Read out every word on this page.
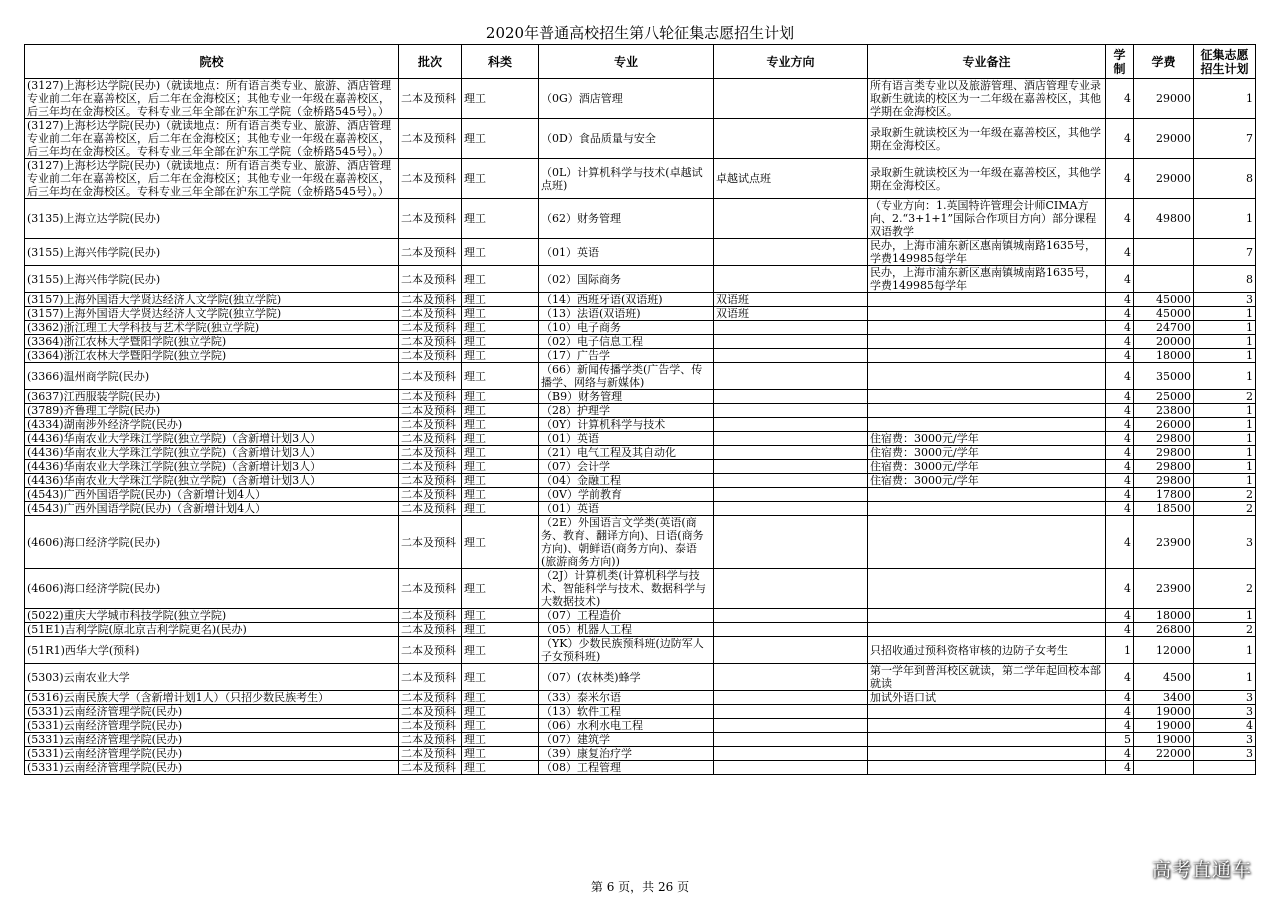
2020年普通高校招生第八轮征集志愿招生计划
院校	批次	科类	专业	专业方向	专业备注	学制	学费	征集志愿招生计划
(3127)上海杉达学院(民办)（就读地点：所有语言类专业、旅游、酒店管理专业前二年在嘉善校区，后二年在金海校区；其他专业一年级在嘉善校区，后三年均在金海校区。专科专业三年全部在沪东工学院（金桥路545号）。）	二本及预科	理工	（0G）酒店管理		所有语言类专业以及旅游管理、酒店管理专业录取新生就读的校区为一二年级在嘉善校区，其他学期在金海校区。	4	29000	1
(3127)上海杉达学院(民办)（就读地点：所有语言类专业、旅游、酒店管理专业前二年在嘉善校区，后二年在金海校区；其他专业一年级在嘉善校区，后三年均在金海校区。专科专业三年全部在沪东工学院（金桥路545号）。）	二本及预科	理工	（0D）食品质量与安全		录取新生就读校区为一年级在嘉善校区，其他学期在金海校区。	4	29000	7
(3127)上海杉达学院(民办)（就读地点：所有语言类专业、旅游、酒店管理专业前二年在嘉善校区，后二年在金海校区；其他专业一年级在嘉善校区，后三年均在金海校区。专科专业三年全部在沪东工学院（金桥路545号）。）	二本及预科	理工	（0L）计算机科学与技术(卓越试点班)	卓越试点班	录取新生就读校区为一年级在嘉善校区，其他学期在金海校区。	4	29000	8
(3135)上海立达学院(民办)	二本及预科	理工	（62）财务管理		（专业方向：1.英国特许管理会计师CIMA方向、2.“3+1+1”国际合作项目方向）部分课程双语教学	4	49800	1
(3155)上海兴伟学院(民办)	二本及预科	理工	（01）英语		民办，上海市浦东新区惠南镇城南路1635号，学费149985每学年	4		7
(3155)上海兴伟学院(民办)	二本及预科	理工	（02）国际商务		民办，上海市浦东新区惠南镇城南路1635号，学费149985每学年	4		8
(3157)上海外国语大学贤达经济人文学院(独立学院)	二本及预科	理工	（14）西班牙语(双语班)	双语班		4	45000	3
(3157)上海外国语大学贤达经济人文学院(独立学院)	二本及预科	理工	（13）法语(双语班)	双语班		4	45000	1
(3362)浙江理工大学科技与艺术学院(独立学院)	二本及预科	理工	（10）电子商务			4	24700	1
(3364)浙江农林大学暨阳学院(独立学院)	二本及预科	理工	（02）电子信息工程			4	20000	1
(3364)浙江农林大学暨阳学院(独立学院)	二本及预科	理工	（17）广告学			4	18000	1
(3366)温州商学院(民办)	二本及预科	理工	（66）新闻传播学类(广告学、传播学、网络与新媒体)			4	35000	1
(3637)江西服装学院(民办)	二本及预科	理工	（B9）财务管理			4	25000	2
(3789)齐鲁理工学院(民办)	二本及预科	理工	（28）护理学			4	23800	1
(4334)湖南涉外经济学院(民办)	二本及预科	理工	（0Y）计算机科学与技术			4	26000	1
(4436)华南农业大学珠江学院(独立学院)（含新增计划3人）	二本及预科	理工	（01）英语		住宿费：3000元/学年	4	29800	1
(4436)华南农业大学珠江学院(独立学院)（含新增计划3人）	二本及预科	理工	（21）电气工程及其自动化		住宿费：3000元/学年	4	29800	1
(4436)华南农业大学珠江学院(独立学院)（含新增计划3人）	二本及预科	理工	（07）会计学		住宿费：3000元/学年	4	29800	1
(4436)华南农业大学珠江学院(独立学院)（含新增计划3人）	二本及预科	理工	（04）金融工程		住宿费：3000元/学年	4	29800	1
(4543)广西外国语学院(民办)（含新增计划4人）	二本及预科	理工	（0V）学前教育			4	17800	2
(4543)广西外国语学院(民办)（含新增计划4人）	二本及预科	理工	（01）英语			4	18500	2
(4606)海口经济学院(民办)	二本及预科	理工	（2E）外国语言文学类(英语(商务、教育、翻译方向)、日语(商务方向)、朝鲜语(商务方向)、泰语(旅游商务方向))			4	23900	3
(4606)海口经济学院(民办)	二本及预科	理工	（2J）计算机类(计算机科学与技术、智能科学与技术、数据科学与大数据技术)			4	23900	2
(5022)重庆大学城市科技学院(独立学院)	二本及预科	理工	（07）工程造价			4	18000	1
(51E1)吉利学院(原北京吉利学院更名)(民办)	二本及预科	理工	（05）机器人工程			4	26800	2
(51R1)西华大学(预科)	二本及预科	理工	（YK）少数民族预科班(边防军人子女预科班)		只招收通过预科资格审核的边防子女考生	1	12000	1
(5303)云南农业大学	二本及预科	理工	（07）(农林类)蜂学		第一学年到普洱校区就读，第二学年起回校本部就读	4	4500	1
(5316)云南民族大学（含新增计划1人）（只招少数民族考生）	二本及预科	理工	（33）泰米尔语		加试外语口试	4	3400	3
(5331)云南经济管理学院(民办)	二本及预科	理工	（13）软件工程			4	19000	3
(5331)云南经济管理学院(民办)	二本及预科	理工	（06）水利水电工程			4	19000	4
(5331)云南经济管理学院(民办)	二本及预科	理工	（07）建筑学			5	19000	3
(5331)云南经济管理学院(民办)	二本及预科	理工	（39）康复治疗学			4	22000	3
(5331)云南经济管理学院(民办)	二本及预科	理工	（08）工程管理			4		
第 6 页，共 26 页
高考直通车
